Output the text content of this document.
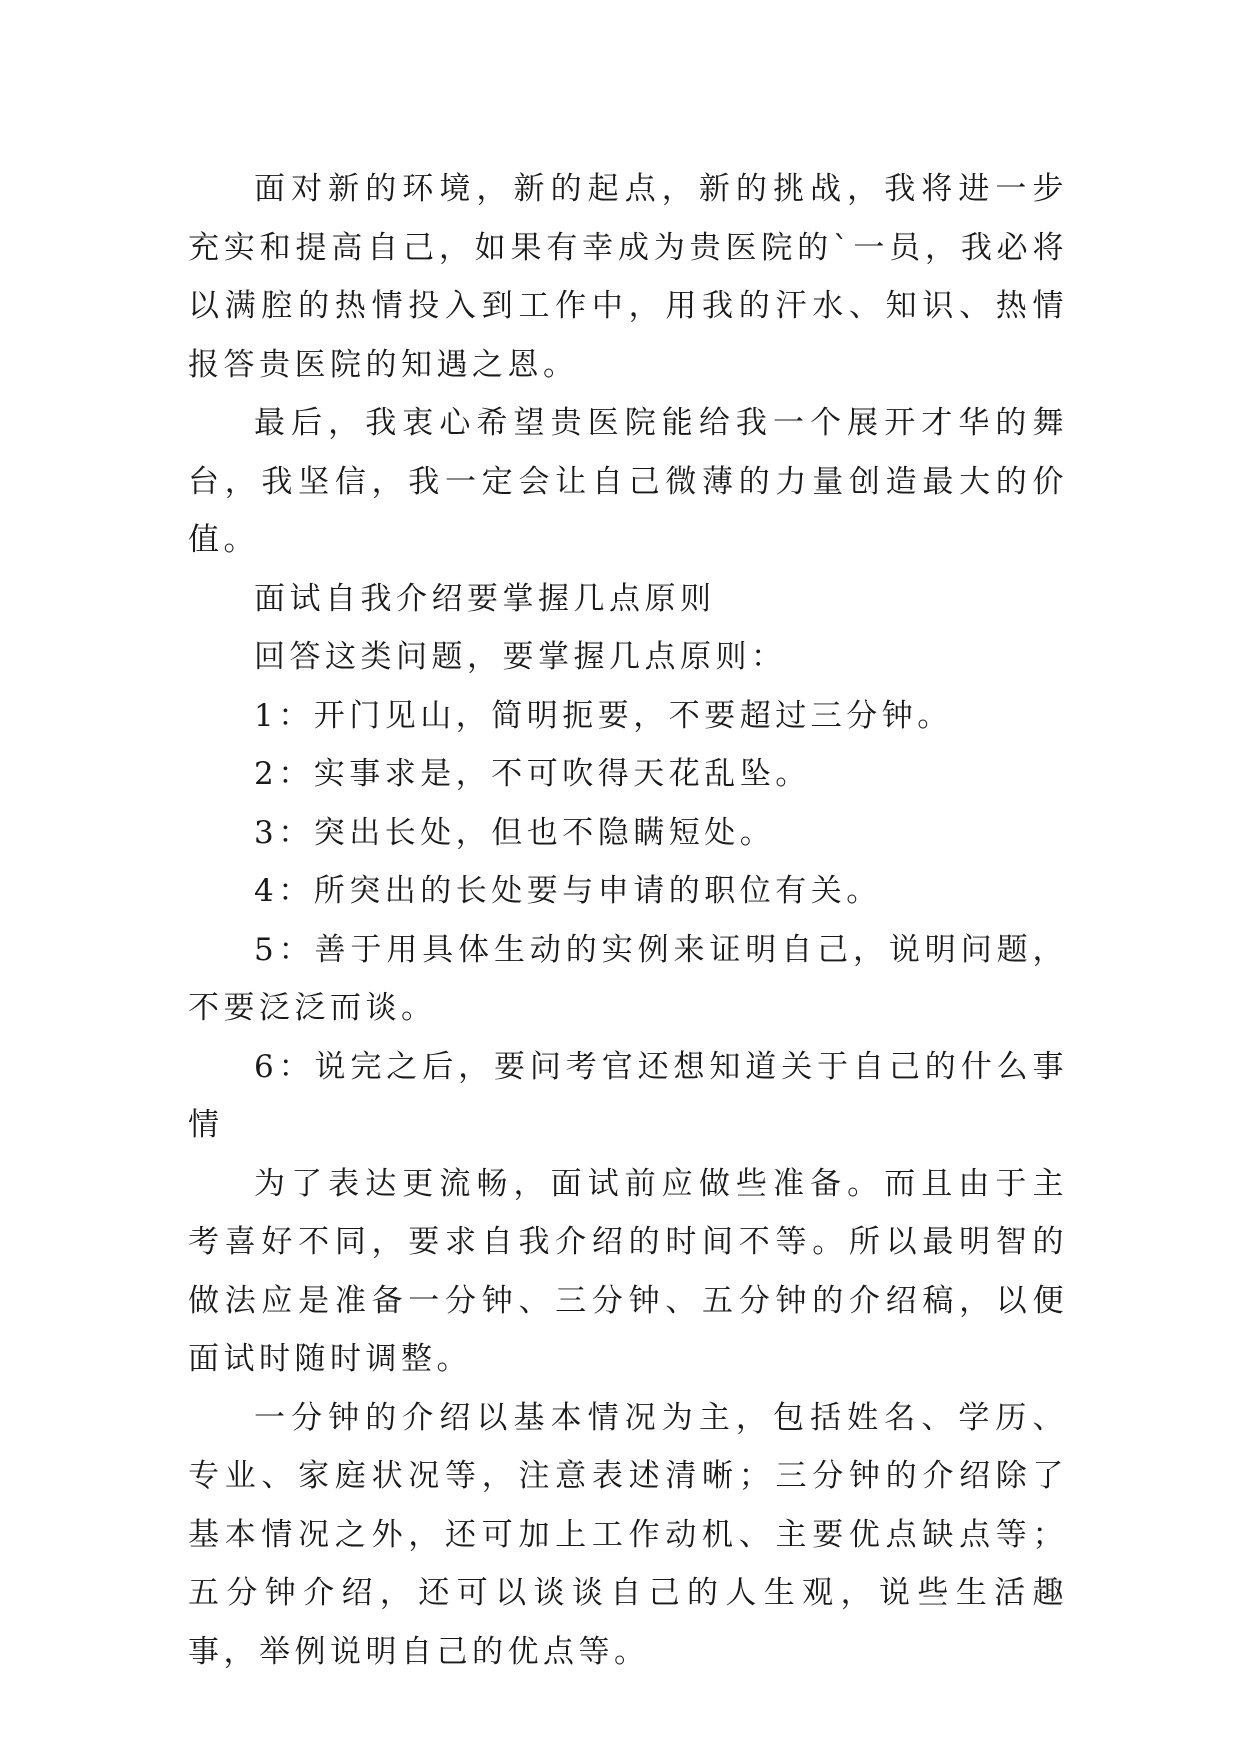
面对新的环境，新的起点，新的挑战，我将进一步充实和提高自己，如果有幸成为贵医院的`一员，我必将以满腔的热情投入到工作中，用我的汗水、知识、热情报答贵医院的知遇之恩。

最后，我衷心希望贵医院能给我一个展开才华的舞台，我坚信，我一定会让自己微薄的力量创造最大的价值。

面试自我介绍要掌握几点原则

回答这类问题，要掌握几点原则：

1：开门见山，简明扼要，不要超过三分钟。

2：实事求是，不可吹得天花乱坠。

3：突出长处，但也不隐瞒短处。

4：所突出的长处要与申请的职位有关。

5：善于用具体生动的实例来证明自己，说明问题，不要泛泛而谈。

6：说完之后，要问考官还想知道关于自己的什么事情

为了表达更流畅，面试前应做些准备。而且由于主考喜好不同，要求自我介绍的时间不等。所以最明智的做法应是准备一分钟、三分钟、五分钟的介绍稿，以便面试时随时调整。

一分钟的介绍以基本情况为主，包括姓名、学历、专业、家庭状况等，注意表述清晰；三分钟的介绍除了基本情况之外，还可加上工作动机、主要优点缺点等；五分钟介绍，还可以谈谈自己的人生观，说些生活趣事，举例说明自己的优点等。
